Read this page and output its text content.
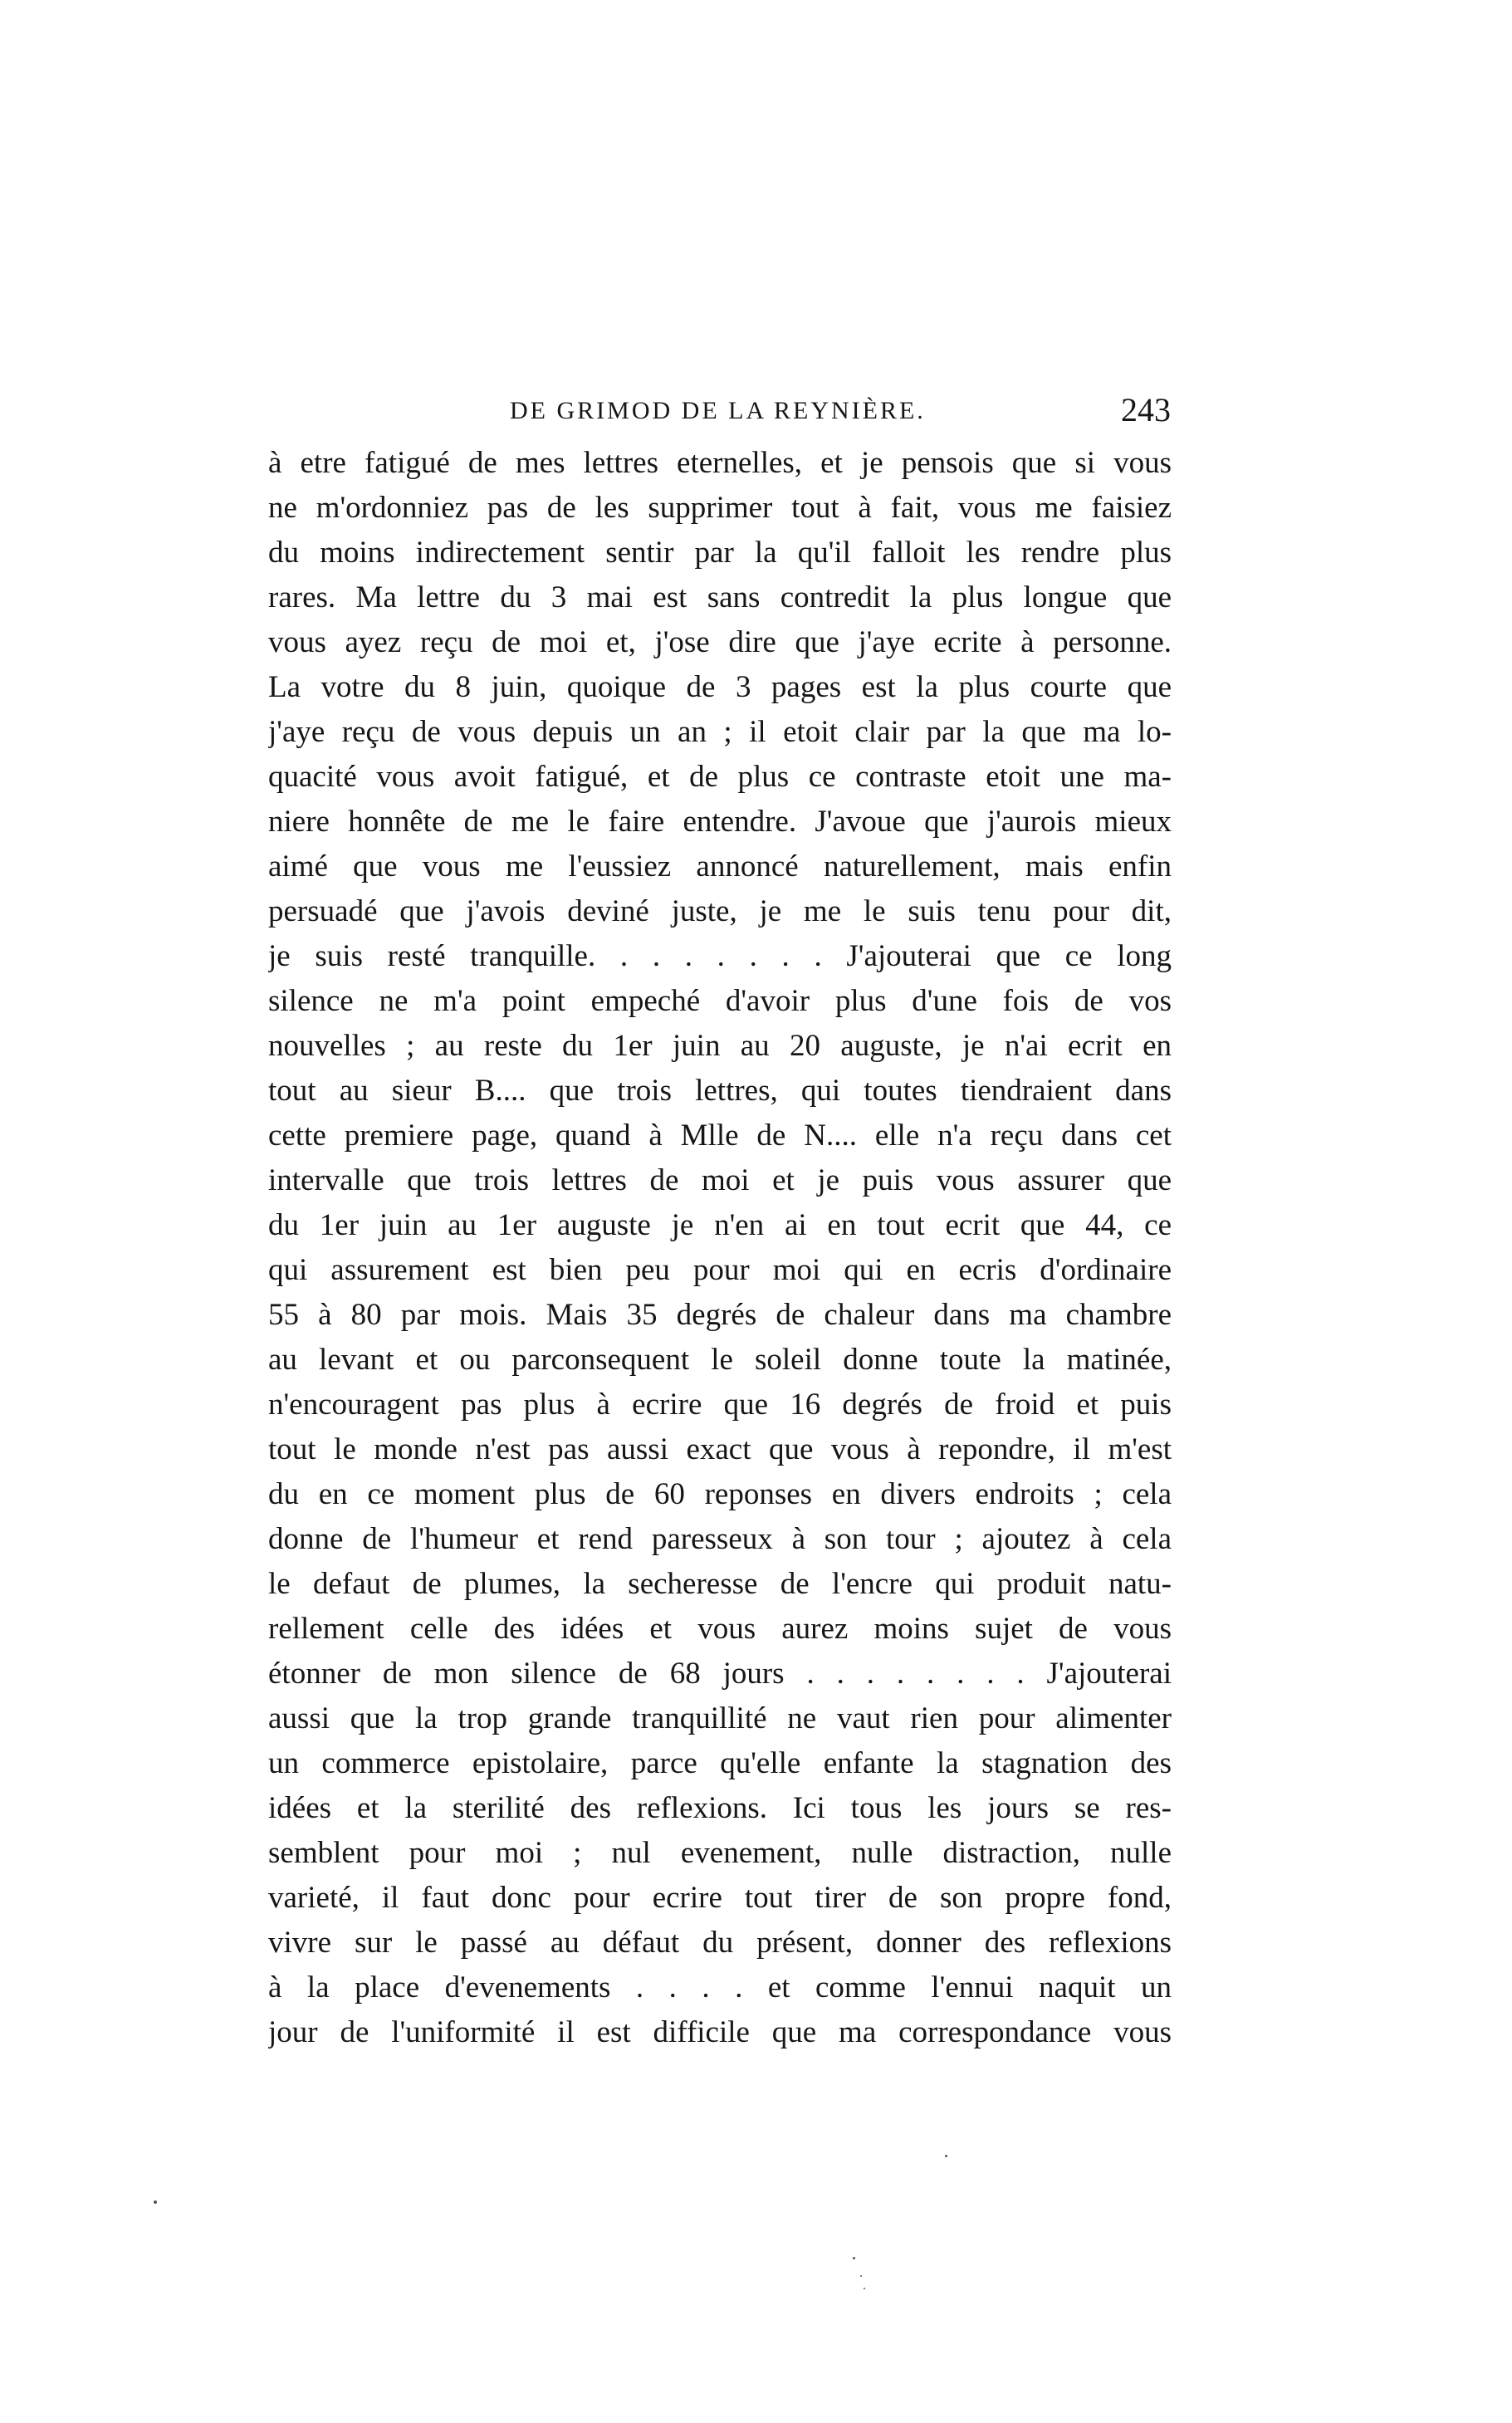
DE GRIMOD DE LA REYNIÈRE.	243
à etre fatigué de mes lettres eternelles, et je pensois que si vous
ne m'ordonniez pas de les supprimer tout à fait, vous me faisiez
du moins indirectement sentir par la qu'il falloit les rendre plus
rares. Ma lettre du 3 mai est sans contredit la plus longue que
vous ayez reçu de moi et, j'ose dire que j'aye ecrite à personne.
La votre du 8 juin, quoique de 3 pages est la plus courte que
j'aye reçu de vous depuis un an ; il etoit clair par la que ma lo-
quacité vous avoit fatigué, et de plus ce contraste etoit une ma-
niere honnête de me le faire entendre. J'avoue que j'aurois mieux
aimé que vous me l'eussiez annoncé naturellement, mais enfin
persuadé que j'avois deviné juste, je me le suis tenu pour dit,
je suis resté tranquille. . . . . . . . J'ajouterai que ce long
silence ne m'a point empeché d'avoir plus d'une fois de vos
nouvelles ; au reste du 1er juin au 20 auguste, je n'ai ecrit en
tout au sieur B.... que trois lettres, qui toutes tiendraient dans
cette premiere page, quand à Mlle de N.... elle n'a reçu dans cet
intervalle que trois lettres de moi et je puis vous assurer que
du 1er juin au 1er auguste je n'en ai en tout ecrit que 44, ce
qui assurement est bien peu pour moi qui en ecris d'ordinaire
55 à 80 par mois. Mais 35 degrés de chaleur dans ma chambre
au levant et ou parconsequent le soleil donne toute la matinée,
n'encouragent pas plus à ecrire que 16 degrés de froid et puis
tout le monde n'est pas aussi exact que vous à repondre, il m'est
du en ce moment plus de 60 reponses en divers endroits ; cela
donne de l'humeur et rend paresseux à son tour ; ajoutez à cela
le defaut de plumes, la secheresse de l'encre qui produit natu-
rellement celle des idées et vous aurez moins sujet de vous
étonner de mon silence de 68 jours . . . . . . . . J'ajouterai
aussi que la trop grande tranquillité ne vaut rien pour alimenter
un commerce epistolaire, parce qu'elle enfante la stagnation des
idées et la sterilité des reflexions. Ici tous les jours se res-
semblent pour moi ; nul evenement, nulle distraction, nulle
varieté, il faut donc pour ecrire tout tirer de son propre fond,
vivre sur le passé au défaut du présent, donner des reflexions
à la place d'evenements . . . . et comme l'ennui naquit un
jour de l'uniformité il est difficile que ma correspondance vous
